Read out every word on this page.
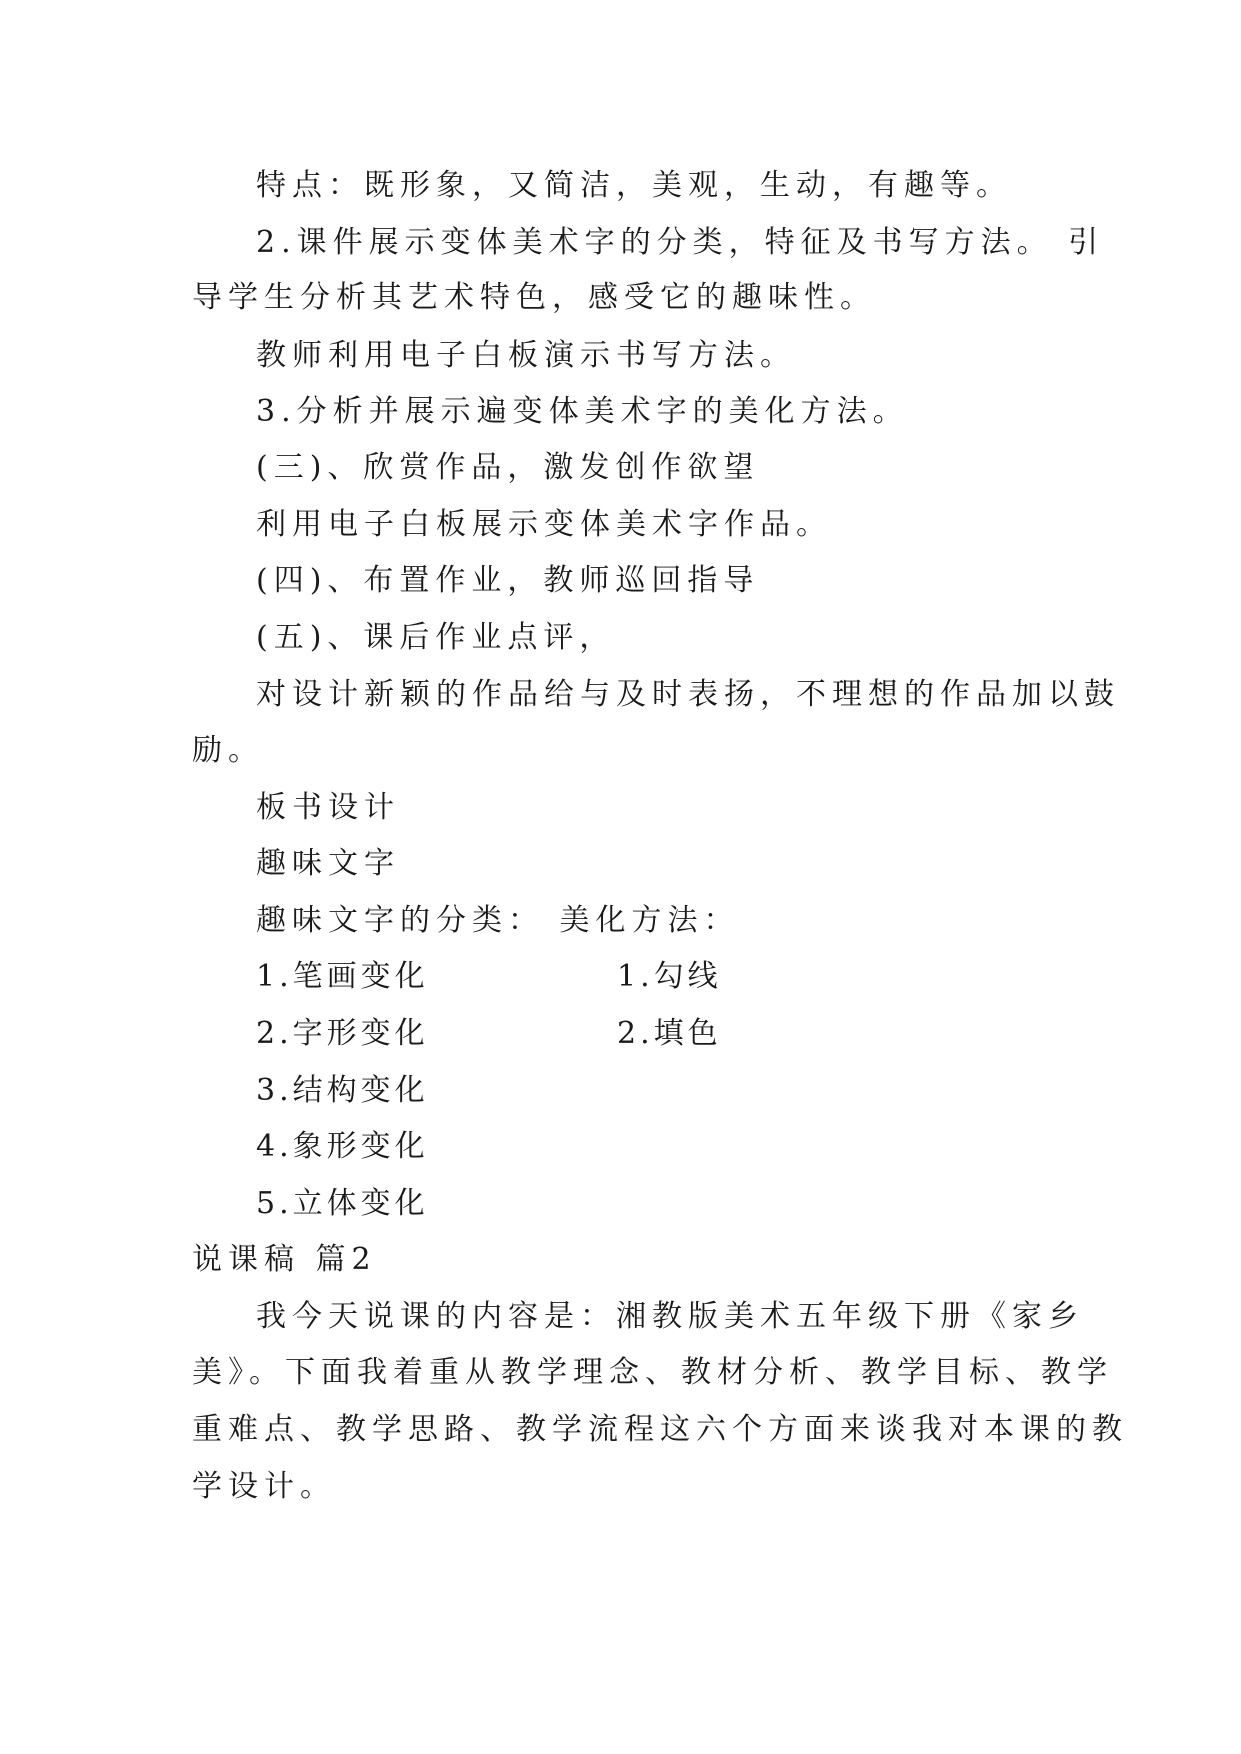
特点：既形象，又简洁，美观，生动，有趣等。
2.课件展示变体美术字的分类，特征及书写方法。 引
导学生分析其艺术特色，感受它的趣味性。
教师利用电子白板演示书写方法。
3.分析并展示遍变体美术字的美化方法。
(三)、欣赏作品，激发创作欲望
利用电子白板展示变体美术字作品。
(四)、布置作业，教师巡回指导
(五)、课后作业点评，
对设计新颖的作品给与及时表扬，不理想的作品加以鼓
励。
板书设计
趣味文字
趣味文字的分类： 美化方法：
1.笔画变化	1.勾线
2.字形变化	2.填色
3.结构变化
4.象形变化
5.立体变化
说课稿 篇2
我今天说课的内容是：湘教版美术五年级下册《家乡
美》。下面我着重从教学理念、教材分析、教学目标、教学
重难点、教学思路、教学流程这六个方面来谈我对本课的教
学设计。
